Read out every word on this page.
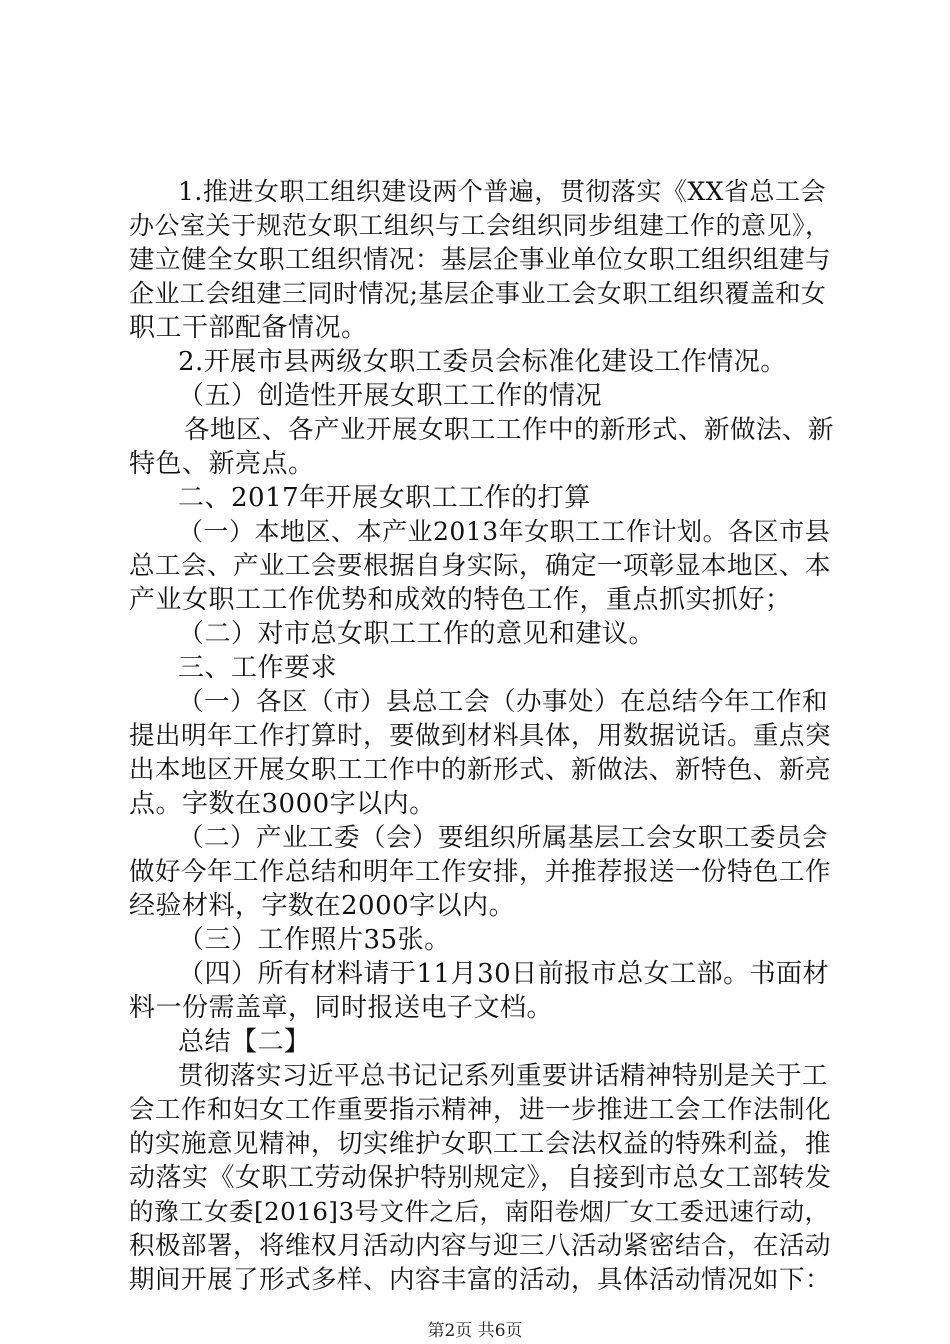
1.推进女职工组织建设两个普遍，贯彻落实《XX省总工会
办公室关于规范女职工组织与工会组织同步组建工作的意见》，
建立健全女职工组织情况：基层企事业单位女职工组织组建与
企业工会组建三同时情况;基层企事业工会女职工组织覆盖和女
职工干部配备情况。
2.开展市县两级女职工委员会标准化建设工作情况。
（五）创造性开展女职工工作的情况
各地区、各产业开展女职工工作中的新形式、新做法、新
特色、新亮点。
二、2017年开展女职工工作的打算
（一）本地区、本产业2013年女职工工作计划。各区市县
总工会、产业工会要根据自身实际，确定一项彰显本地区、本
产业女职工工作优势和成效的特色工作，重点抓实抓好；
（二）对市总女职工工作的意见和建议。
三、工作要求
（一）各区（市）县总工会（办事处）在总结今年工作和
提出明年工作打算时，要做到材料具体，用数据说话。重点突
出本地区开展女职工工作中的新形式、新做法、新特色、新亮
点。字数在3000字以内。
（二）产业工委（会）要组织所属基层工会女职工委员会
做好今年工作总结和明年工作安排，并推荐报送一份特色工作
经验材料，字数在2000字以内。
（三）工作照片35张。
（四）所有材料请于11月30日前报市总女工部。书面材
料一份需盖章，同时报送电子文档。
总结【二】
贯彻落实习近平总书记记系列重要讲话精神特别是关于工
会工作和妇女工作重要指示精神，进一步推进工会工作法制化
的实施意见精神，切实维护女职工工会法权益的特殊利益，推
动落实《女职工劳动保护特别规定》，自接到市总女工部转发
的豫工女委[2016]3号文件之后，南阳卷烟厂女工委迅速行动，
积极部署，将维权月活动内容与迎三八活动紧密结合，在活动
期间开展了形式多样、内容丰富的活动，具体活动情况如下：
第2页 共6页
